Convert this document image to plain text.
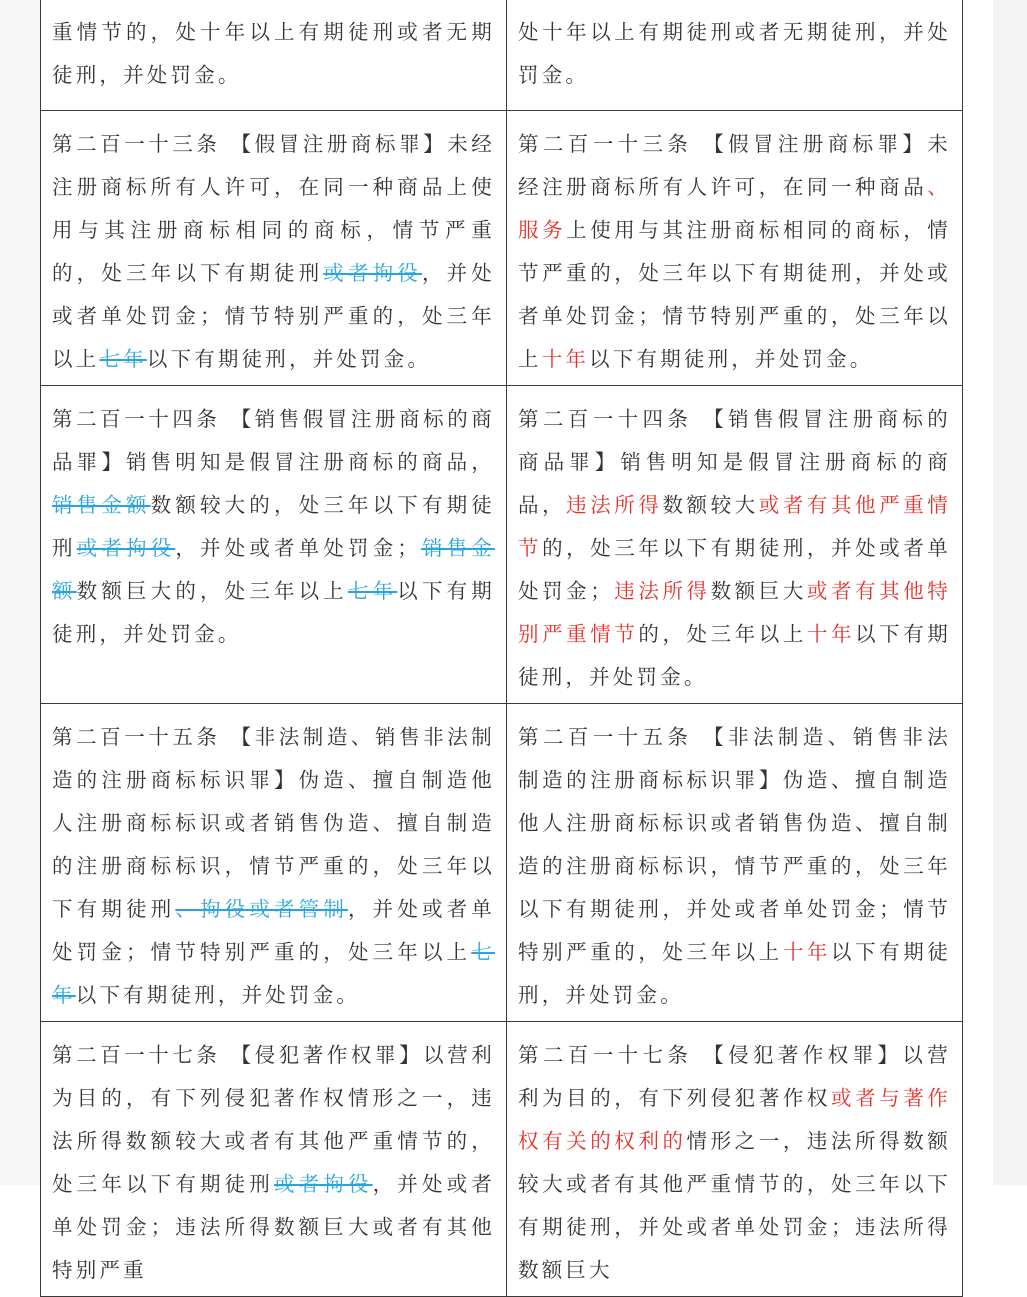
重情节的，处十年以上有期徒刑或者无期徒刑，并处罚金。	处十年以上有期徒刑或者无期徒刑，并处罚金。
第二百一十三条 【假冒注册商标罪】未经注册商标所有人许可，在同一种商品上使用与其注册商标相同的商标，情节严重的，处三年以下有期徒刑或者拘役，并处或者单处罚金；情节特别严重的，处三年以上七年以下有期徒刑，并处罚金。	第二百一十三条 【假冒注册商标罪】未经注册商标所有人许可，在同一种商品、服务上使用与其注册商标相同的商标，情节严重的，处三年以下有期徒刑，并处或者单处罚金；情节特别严重的，处三年以上十年以下有期徒刑，并处罚金。
第二百一十四条 【销售假冒注册商标的商品罪】销售明知是假冒注册商标的商品，销售金额数额较大的，处三年以下有期徒刑或者拘役，并处或者单处罚金；销售金额数额巨大的，处三年以上七年以下有期徒刑，并处罚金。	第二百一十四条 【销售假冒注册商标的商品罪】销售明知是假冒注册商标的商品，违法所得数额较大或者有其他严重情节的，处三年以下有期徒刑，并处或者单处罚金；违法所得数额巨大或者有其他特别严重情节的，处三年以上十年以下有期徒刑，并处罚金。
第二百一十五条 【非法制造、销售非法制造的注册商标标识罪】伪造、擅自制造他人注册商标标识或者销售伪造、擅自制造的注册商标标识，情节严重的，处三年以下有期徒刑、拘役或者管制，并处或者单处罚金；情节特别严重的，处三年以上七年以下有期徒刑，并处罚金。	第二百一十五条 【非法制造、销售非法制造的注册商标标识罪】伪造、擅自制造他人注册商标标识或者销售伪造、擅自制造的注册商标标识，情节严重的，处三年以下有期徒刑，并处或者单处罚金；情节特别严重的，处三年以上十年以下有期徒刑，并处罚金。
第二百一十七条 【侵犯著作权罪】以营利为目的，有下列侵犯著作权情形之一，违法所得数额较大或者有其他严重情节的，处三年以下有期徒刑或者拘役，并处或者单处罚金；违法所得数额巨大或者有其他特别严重	第二百一十七条 【侵犯著作权罪】以营利为目的，有下列侵犯著作权或者与著作权有关的权利的情形之一，违法所得数额较大或者有其他严重情节的，处三年以下有期徒刑，并处或者单处罚金；违法所得数额巨大
